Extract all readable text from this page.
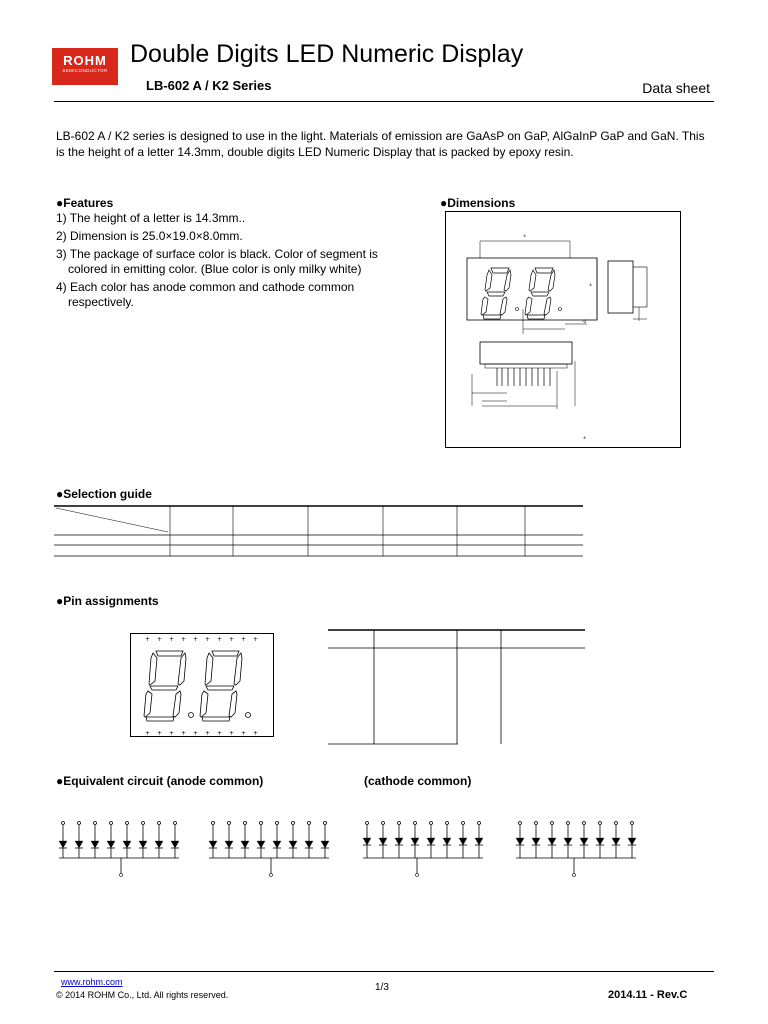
ROHM
SEMICONDUCTOR
Double Digits LED Numeric Display
LB-602 A / K2 Series	Data sheet
LB-602 A / K2 series is designed to use in the light. Materials of emission are GaAsP on GaP, AlGaInP GaP and GaN. This is the height of a letter 14.3mm, double digits LED Numeric Display that is packed by epoxy resin.
●Features
1) The height of a letter is 14.3mm..
2) Dimension is 25.0×19.0×8.0mm.
3) The package of surface color is black. Color of segment is
colored in emitting color. (Blue color is only milky white)
4) Each color has anode common and cathode common
respectively.
●Dimensions
±
-0
±
±
●Selection guide
●Pin assignments
+ + + + + + + + + +
+ + + + + + + + + +
●Equivalent circuit (anode common)	(cathode common)
www.rohm.com
© 2014 ROHM Co., Ltd. All rights reserved.
1/3
2014.11 - Rev.C
